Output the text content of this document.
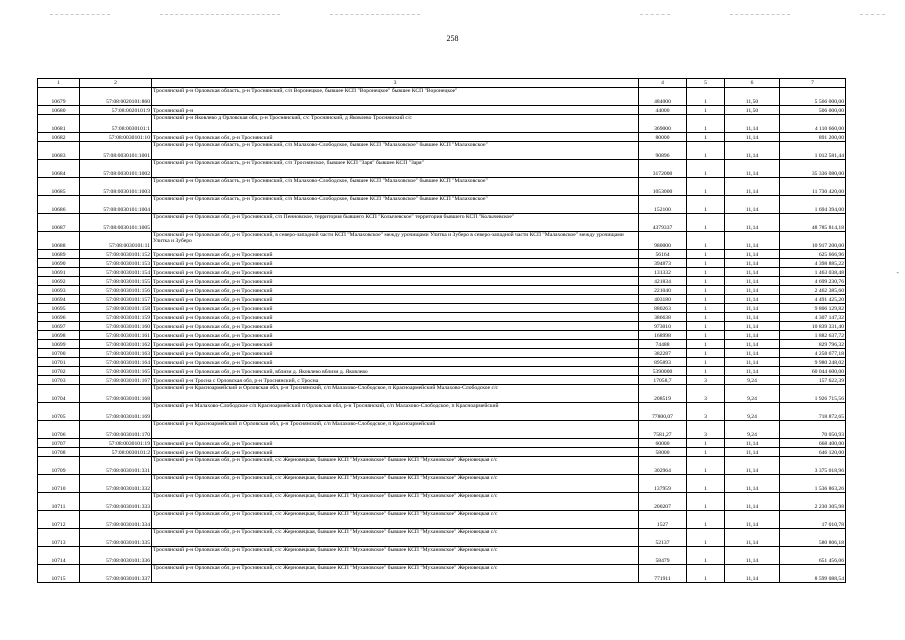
258
1	2	3	4	5	6	7
10679	57:08:0020101:860	Троснянский р-н Орловская область, р-н Троснянский, с/п Воронецкое, бывшее КСП "Воронецкое" бывшее КСП "Воронецкое"	484000	1	11,50	5 566 000,00
10680	57:08:0020101:9	Троснянский р-н	44000	1	11,50	506 000,00
10681	57:08:0030101:1	Троснянский р-н Яковлево д Орловская обл, р-н Троснянский, с/с Троснянский, д Яковлево Троснянский с/с	369000	1	11,14	4 110 660,00
10682	57:08:0030101:10	Троснянский р-н Орловская обл, р-н Троснянский	80000	1	11,14	891 200,00
10683	57:08:0030101:1001	Троснянский р-н Орловская область, р-н Троснянский, с/п Малахово-Слободское, бывшее КСП "Малаховское" бывшее КСП "Малаховское"	90896	1	11,14	1 012 581,44
10684	57:08:0030101:1002	Троснянский р-н Орловская область, р-н Троснянский, с/п Троснянское, бывшее КСП "Заря" бывшее КСП "Заря"	3172000	1	11,14	35 336 080,00
10685	57:08:0030101:1003	Троснянский р-н Орловская область, р-н Троснянский, с/п Малахово-Слободское, бывшее КСП "Малаховское" бывшее КСП "Малаховское"	1053000	1	11,14	11 730 420,00
10686	57:08:0030101:1004	Троснянский р-н Орловская область, р-н Троснянский, с/п Малахово-Слободское, бывшее КСП "Малаховское" бывшее КСП "Малаховское"	152100	1	11,14	1 694 394,00
10687	57:08:0030101:1005	Троснянский р-н Орловская обл, р-н Троснянский, с/п Пенновское, территория бывшего КСП "Колычевское" территория бывшего КСП "Колычевское"	4379337	1	11,14	48 785 814,18
10688	57:08:0030101:11	Троснянский р-н Орловская обл, р-н Троснянский, в северо-западной части КСП "Малаховское" между урочищами Улитка и Зуберо в северо-западной части КСП "Малаховское" между урочищами Улитка и Зуберо	980000	1	11,14	10 917 200,00
10689	57:08:0030101:152	Троснянский р-н Орловская обл, р-н Троснянский	56164	1	11,14	625 666,96
10690	57:08:0030101:153	Троснянский р-н Орловская обл, р-н Троснянский	394873	1	11,14	4 398 885,22
10691	57:08:0030101:154	Троснянский р-н Орловская обл, р-н Троснянский	131332	1	11,14	1 463 038,48
10692	57:08:0030101:155	Троснянский р-н Орловская обл, р-н Троснянский	421834	1	11,14	4 699 230,76
10693	57:08:0030101:156	Троснянский р-н Орловская обл, р-н Троснянский	221040	1	11,14	2 462 385,60
10694	57:08:0030101:157	Троснянский р-н Орловская обл, р-н Троснянский	403180	1	11,14	4 491 425,20
10695	57:08:0030101:158	Троснянский р-н Орловская обл, р-н Троснянский	880263	1	11,14	9 806 129,82
10696	57:08:0030101:159	Троснянский р-н Орловская обл, р-н Троснянский	386638	1	11,14	4 307 147,32
10697	57:08:0030101:160	Троснянский р-н Орловская обл, р-н Троснянский	973010	1	11,14	10 839 331,40
10698	57:08:0030101:161	Троснянский р-н Орловская обл, р-н Троснянский	168998	1	11,14	1 882 637,72
10699	57:08:0030101:162	Троснянский р-н Орловская обл, р-н Троснянский	74488	1	11,14	829 796,32
10700	57:08:0030101:163	Троснянский р-н Орловская обл, р-н Троснянский	382287	1	11,14	4 258 677,18
10701	57:08:0030101:164	Троснянский р-н Орловская обл, р-н Троснянский	895893	1	11,14	9 980 248,02
10702	57:08:0030101:165	Троснянский р-н Орловская обл, р-н Троснянский, вблизи д. Яковлево вблизи д. Яковлево	5390000	1	11,14	60 044 600,00
10703	57:08:0030101:167	Троснянский р-н Тросна с Орловская обл, р-н Троснянский, с Тросна	17058,7	3	9,24	157 622,39
10704	57:08:0030101:168	Троснянский р-н Красноармейский и Орловская обл, р-н Троснянский, с/п Малахово-Слободское, п Красноармейский Малахово-Слободское с/с	208519	3	9,24	1 926 715,56
10705	57:08:0030101:169	Троснянский р-н Малахово-Слободское с/п Красноармейский п Орловская обл, р-н Троснянский, с/п Малахово-Слободское, п Красноармейский	77800,07	3	9,24	718 872,65
10706	57:08:0030101:170	Троснянский р-н Красноармейский п Орловская обл, р-н Троснянский, с/п Малахово-Слободское, п Красноармейский	7581,27	3	9,24	70 050,93
10707	57:08:0030101:19	Троснянский р-н Орловская обл, р-н Троснянский	60000	1	11,14	668 400,00
10708	57:08:0030101:2	Троснянский р-н Орловская обл, р-н Троснянский	58000	1	11,14	646 120,00
10709	57:08:0030101:331	Троснянский р-н Орловская обл, р-н Троснянский, с/с Жерновецкая, бывшее КСП "Мухановское" бывшее КСП "Мухановское" Жерновецкая с/с	302964	1	11,14	3 375 018,96
10710	57:08:0030101:332	Троснянский р-н Орловская обл, р-н Троснянский, с/с Жерновецкая, бывшее КСП "Мухановское" бывшее КСП "Мухановское" Жерновецкая с/с	137959	1	11,14	1 536 863,26
10711	57:08:0030101:333	Троснянский р-н Орловская обл, р-н Троснянский, с/с Жерновецкая, бывшее КСП "Мухановское" бывшее КСП "Мухановское" Жерновецкая с/с	200207	1	11,14	2 230 305,98
10712	57:08:0030101:334	Троснянский р-н Орловская обл, р-н Троснянский, с/с Жерновецкая, бывшее КСП "Мухановское" бывшее КСП "Мухановское" Жерновецкая с/с	1527	1	11,14	17 010,78
10713	57:08:0030101:335	Троснянский р-н Орловская обл, р-н Троснянский, с/с Жерновецкая, бывшее КСП "Мухановское" бывшее КСП "Мухановское" Жерновецкая с/с	52137	1	11,14	580 806,18
10714	57:08:0030101:336	Троснянский р-н Орловская обл, р-н Троснянский, с/с Жерновецкая, бывшее КСП "Мухановское" бывшее КСП "Мухановское" Жерновецкая с/с	58479	1	11,14	651 456,06
10715	57:08:0030101:337	Троснянский р-н Орловская обл, р-н Троснянский, с/с Жерновецкая, бывшее КСП "Мухановское" бывшее КСП "Мухановское" Жерновецкая с/с	771911	1	11,14	8 599 088,54
-
